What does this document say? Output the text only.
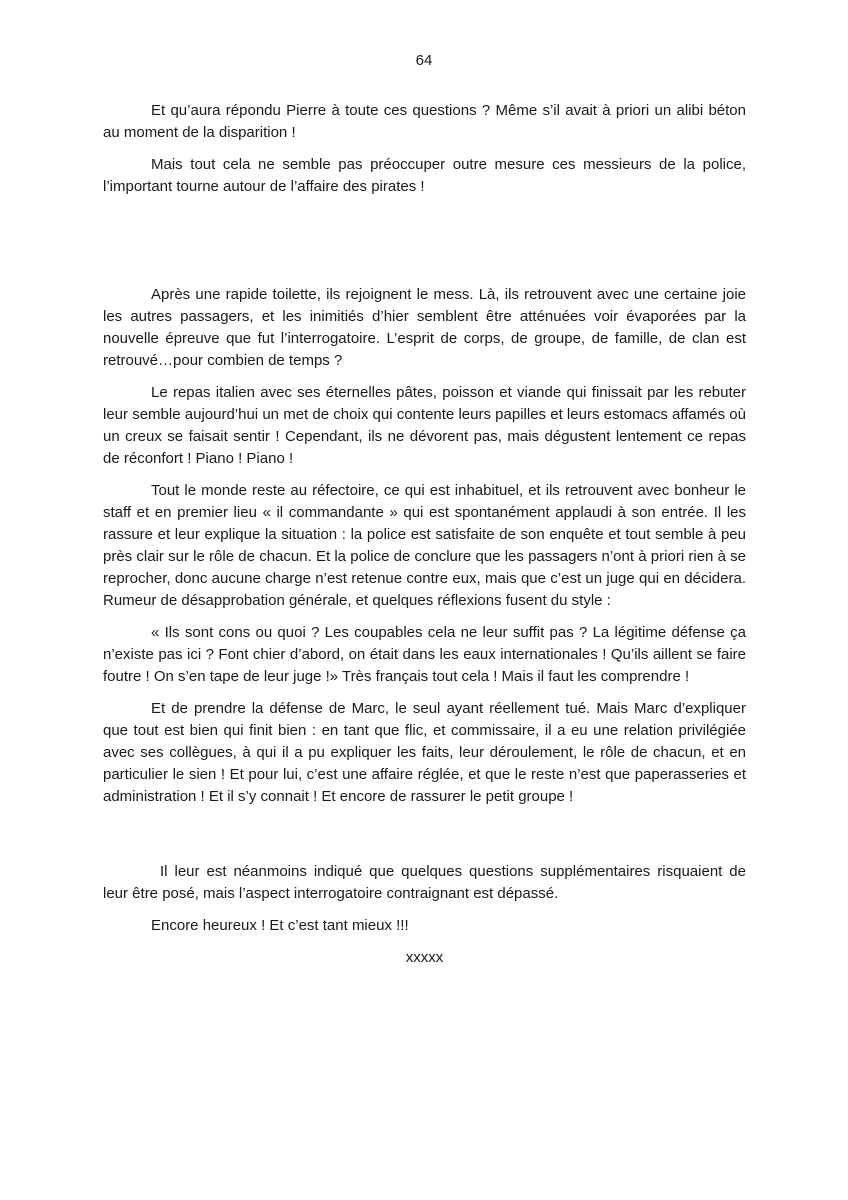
64

Et qu’aura répondu Pierre à toute ces questions ? Même s’il avait à priori un alibi béton au moment de la disparition !

Mais tout cela ne semble pas préoccuper outre mesure ces messieurs de la police, l’important tourne autour de l’affaire des pirates !

Après une rapide toilette, ils rejoignent le mess. Là, ils retrouvent avec une certaine joie les autres passagers, et les inimitiés d’hier semblent être atténuées voir évaporées par la nouvelle épreuve que fut l’interrogatoire. L’esprit de corps, de groupe, de famille, de clan est retrouvé…pour combien de temps ?

Le repas italien avec ses éternelles pâtes, poisson et viande qui finissait par les rebuter leur semble aujourd’hui un met de choix qui contente leurs papilles et leurs estomacs affamés où un creux se faisait sentir ! Cependant, ils ne dévorent pas, mais dégustent lentement ce repas de réconfort ! Piano ! Piano !

Tout le monde reste au réfectoire, ce qui est inhabituel, et ils retrouvent avec bonheur le staff et en premier lieu « il commandante » qui est spontanément applaudi à son entrée. Il les rassure et leur explique la situation : la police est satisfaite de son enquête et tout semble à peu près clair sur le rôle de chacun. Et la police de conclure que les passagers n’ont à priori rien à se reprocher, donc aucune charge n’est retenue contre eux, mais que c’est un juge qui en décidera. Rumeur de désapprobation générale, et quelques réflexions fusent du style :

« Ils sont cons ou quoi ? Les coupables cela ne leur suffit pas ? La légitime défense ça n’existe pas ici ? Font chier d’abord, on était dans les eaux internationales ! Qu’ils aillent se faire foutre ! On s’en tape de leur juge !» Très français tout cela ! Mais il faut les comprendre !

Et de prendre la défense de Marc, le seul ayant réellement tué. Mais Marc d’expliquer que tout est bien qui finit bien : en tant que flic, et commissaire, il a eu une relation privilégiée avec ses collègues, à qui il a pu expliquer les faits, leur déroulement, le rôle de chacun, et en particulier le sien ! Et pour lui, c’est une affaire réglée, et que le reste n’est que paperasseries et administration ! Et il s’y connait ! Et encore de rassurer le petit groupe !

Il leur est néanmoins indiqué que quelques questions supplémentaires risquaient de leur être posé, mais l’aspect interrogatoire contraignant est dépassé.

Encore heureux ! Et c’est tant mieux !!!

xxxxx
